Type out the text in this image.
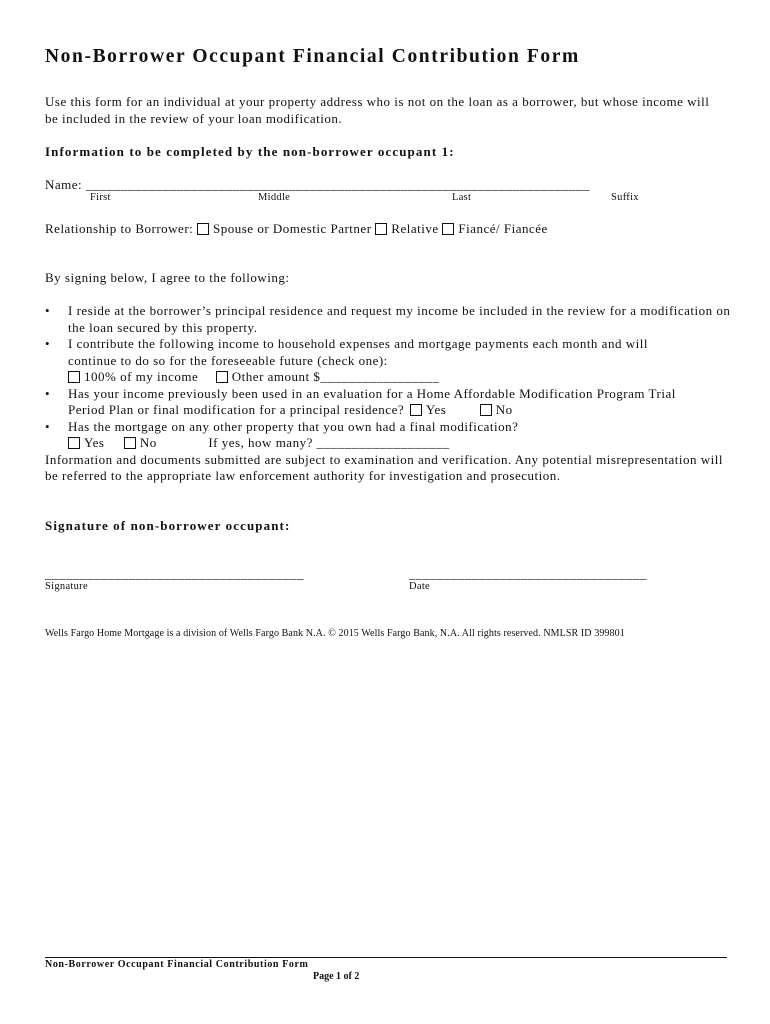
Non-Borrower Occupant Financial Contribution Form
Use this form for an individual at your property address who is not on the loan as a borrower, but whose income will be included in the review of your loan modification.
Information to be completed by the non-borrower occupant 1:
Name: ________________________________________________________________________
First	Middle	Last	Suffix
Relationship to Borrower: Spouse or Domestic Partner Relative Fiancé/ Fiancée
By signing below, I agree to the following:
• I reside at the borrower’s principal residence and request my income be included in the review for a modification on the loan secured by this property.
• I contribute the following income to household expenses and mortgage payments each month and will
continue to do so for the foreseeable future (check one):
100% of my income	Other amount $_________________
• Has your income previously been used in an evaluation for a Home Affordable Modification Program Trial
Period Plan or final modification for a principal residence? Yes	No
• Has the mortgage on any other property that you own had a final modification?
Yes	No	If yes, how many? ___________________
Information and documents submitted are subject to examination and verification. Any potential misrepresentation will be referred to the appropriate law enforcement authority for investigation and prosecution.
Signature of non-borrower occupant:
_____________________________________	__________________________________
Signature	Date
Wells Fargo Home Mortgage is a division of Wells Fargo Bank N.A. © 2015 Wells Fargo Bank, N.A. All rights reserved. NMLSR ID 399801
Non-Borrower Occupant Financial Contribution Form
Page 1 of 2
